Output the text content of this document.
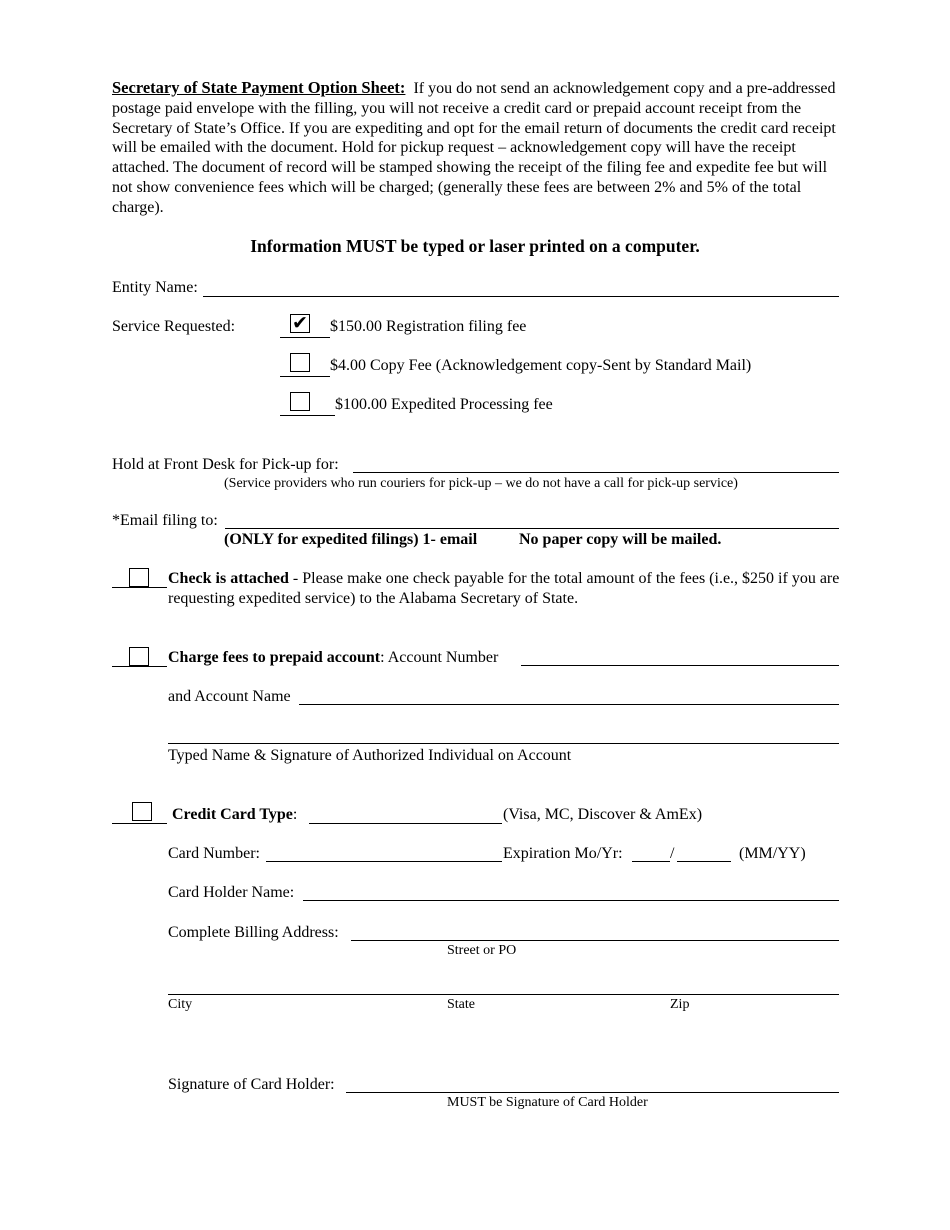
Secretary of State Payment Option Sheet: If you do not send an acknowledgement copy and a pre-addressed postage paid envelope with the filling, you will not receive a credit card or prepaid account receipt from the Secretary of State’s Office. If you are expediting and opt for the email return of documents the credit card receipt will be emailed with the document. Hold for pickup request – acknowledgement copy will have the receipt attached. The document of record will be stamped showing the receipt of the filing fee and expedite fee but will not show convenience fees which will be charged; (generally these fees are between 2% and 5% of the total charge).

Information MUST be typed or laser printed on a computer.
Entity Name:
Service Requested:	✔ $150.00 Registration filing fee
$4.00 Copy Fee (Acknowledgement copy-Sent by Standard Mail)
$100.00 Expedited Processing fee
Hold at Front Desk for Pick-up for:
(Service providers who run couriers for pick-up – we do not have a call for pick-up service)
*Email filing to:
(ONLY for expedited filings) 1- email	No paper copy will be mailed.

Check is attached - Please make one check payable for the total amount of the fees (i.e., $250 if you are requesting expedited service) to the Alabama Secretary of State.

Charge fees to prepaid account: Account Number
and Account Name
Typed Name & Signature of Authorized Individual on Account
Credit Card Type:	(Visa, MC, Discover & AmEx)
Card Number:	Expiration Mo/Yr:	/	(MM/YY)
Card Holder Name:
Complete Billing Address:
Street or PO
City	State	Zip
Signature of Card Holder:
MUST be Signature of Card Holder
